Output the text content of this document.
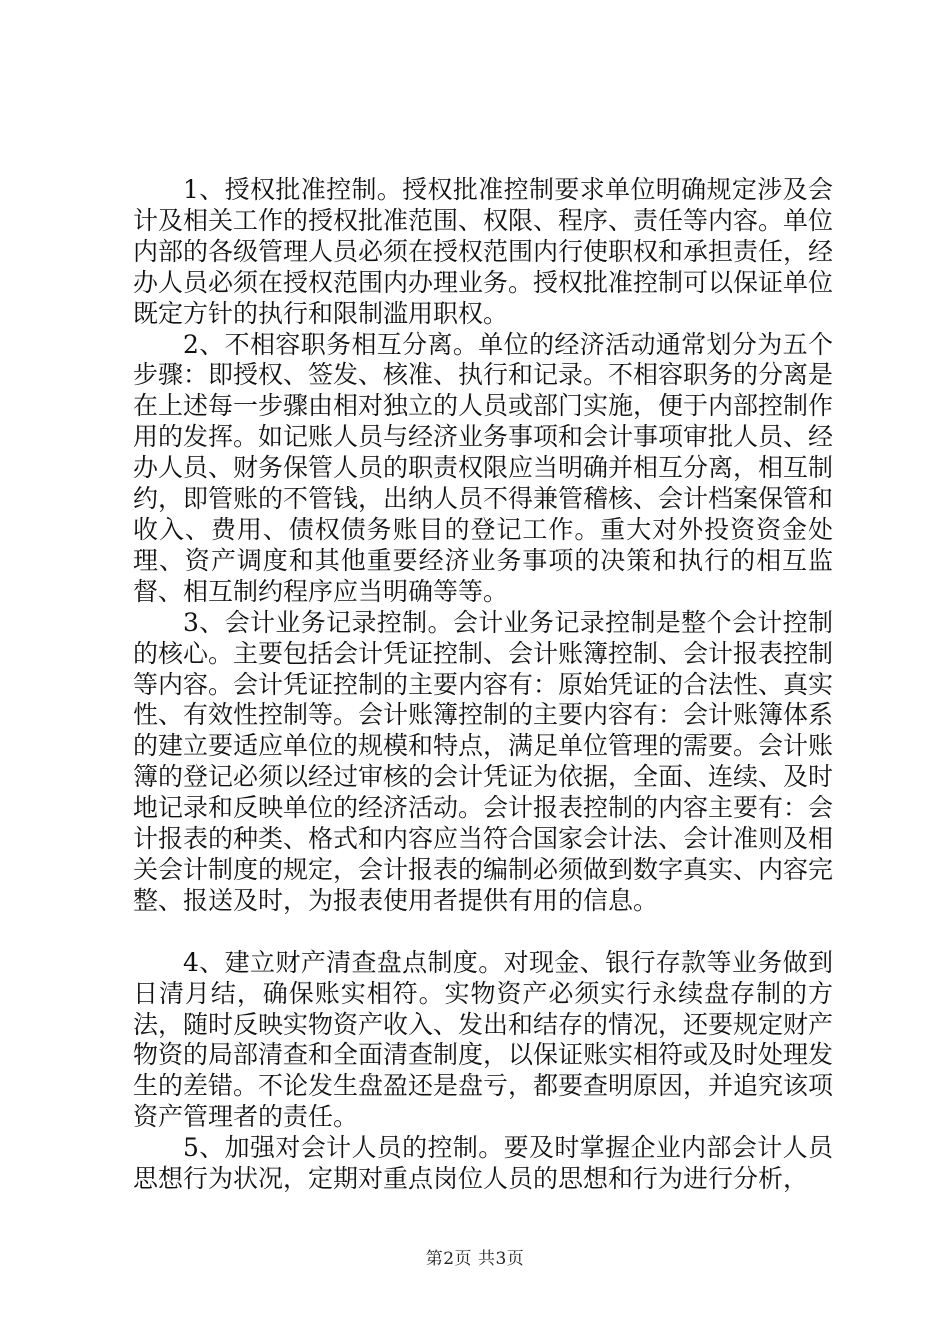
1、授权批准控制。授权批准控制要求单位明确规定涉及会计及相关工作的授权批准范围、权限、程序、责任等内容。单位内部的各级管理人员必须在授权范围内行使职权和承担责任，经办人员必须在授权范围内办理业务。授权批准控制可以保证单位既定方针的执行和限制滥用职权。

2、不相容职务相互分离。单位的经济活动通常划分为五个步骤：即授权、签发、核准、执行和记录。不相容职务的分离是在上述每一步骤由相对独立的人员或部门实施，便于内部控制作用的发挥。如记账人员与经济业务事项和会计事项审批人员、经办人员、财务保管人员的职责权限应当明确并相互分离，相互制约，即管账的不管钱，出纳人员不得兼管稽核、会计档案保管和收入、费用、债权债务账目的登记工作。重大对外投资资金处理、资产调度和其他重要经济业务事项的决策和执行的相互监督、相互制约程序应当明确等等。

3、会计业务记录控制。会计业务记录控制是整个会计控制的核心。主要包括会计凭证控制、会计账簿控制、会计报表控制等内容。会计凭证控制的主要内容有：原始凭证的合法性、真实性、有效性控制等。会计账簿控制的主要内容有：会计账簿体系的建立要适应单位的规模和特点，满足单位管理的需要。会计账簿的登记必须以经过审核的会计凭证为依据，全面、连续、及时地记录和反映单位的经济活动。会计报表控制的内容主要有：会计报表的种类、格式和内容应当符合国家会计法、会计准则及相关会计制度的规定，会计报表的编制必须做到数字真实、内容完整、报送及时，为报表使用者提供有用的信息。

4、建立财产清查盘点制度。对现金、银行存款等业务做到日清月结，确保账实相符。实物资产必须实行永续盘存制的方法，随时反映实物资产收入、发出和结存的情况，还要规定财产物资的局部清查和全面清查制度，以保证账实相符或及时处理发生的差错。不论发生盘盈还是盘亏，都要查明原因，并追究该项资产管理者的责任。

5、加强对会计人员的控制。要及时掌握企业内部会计人员思想行为状况，定期对重点岗位人员的思想和行为进行分析，

第2页 共3页
